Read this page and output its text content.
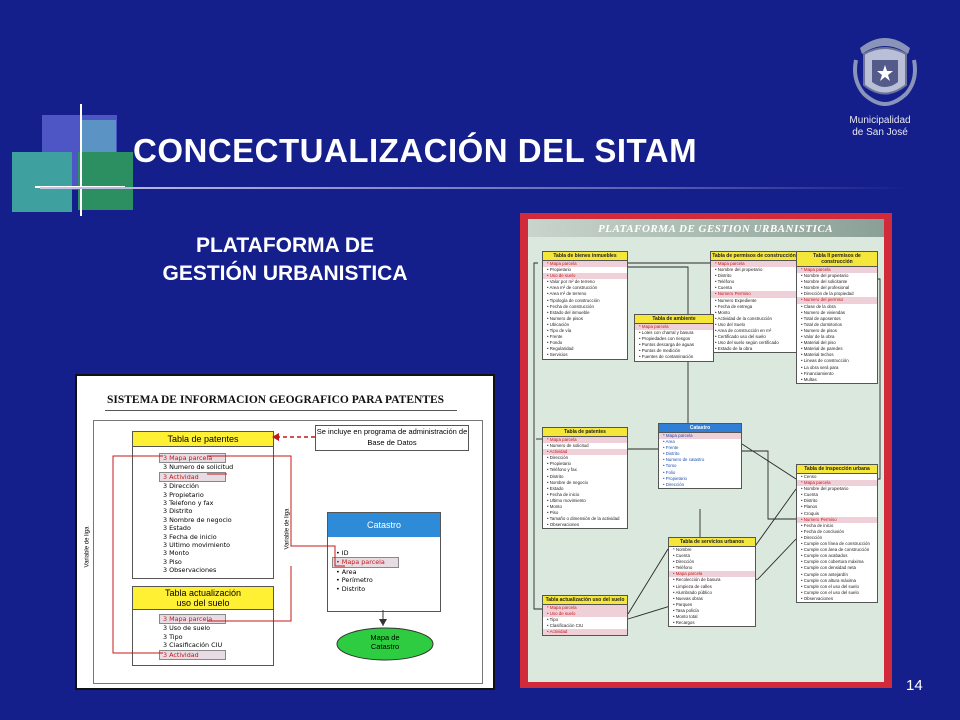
Municipalidad
de San José
CONCECTUALIZACIÓN DEL SITAM
PLATAFORMA DE
GESTIÓN URBANISTICA
SISTEMA DE INFORMACION GEOGRAFICO PARA PATENTES
Tabla de patentes
3 Mapa parcela
3 Numero de solicitud
3 Actividad
3 Dirección
3 Propietario
3 Telefono y fax
3 Distrito
3 Nombre de negocio
3 Estado
3 Fecha de inicio
3 Ultimo movimiento
3 Monto
3 Piso
3 Observaciones
Se incluye en programa de administración de Base de Datos
Tabla actualización
uso del suelo
3 Mapa parcela
3 Uso de suelo
3 Tipo
3 Clasificación CIU
3 Actividad
Catastro
• ID
• Mapa parcela
• Area
• Perímetro
• Distrito
Mapa de
Catastro
Variable de liga	Variable de liga
PLATAFORMA DE GESTION URBANISTICA
Tabla de bienes inmuebles
* Mapa parcela
• Propietario
• Uso de suelo
• Valor por m² de terreno
• Area m² de construcción
• Area m² de terreno
• Tipología de construcción
• Fecha de construcción
• Estado del inmueble
• Numero de pisos
• Ubicación
• Tipo de vía
• Frente
• Fondo
• Regularidad
• Servicios
Tabla de permisos de construcción
* Mapa parcela
• Nombre del propietario
• Distrito
• Teléfono
• Cuenta
• Numero Permiso
• Numero Expediente
• Fecha de entrega
• Monto
• Actividad de la construcción
• Uso del Suelo
• Area de construcción en m²
• Certificado uso del suelo
• Uso del suelo según certificado
• Estado de la obra
Tabla II permisos de construcción
* Mapa parcela
• Nombre del propietario
• Nombre del solicitante
• Nombre del profesional
• Dirección de la propiedad
• Numero del permiso
• Clase de la obra
• Numero de viviendas
• Total de aposentos
• Total de dormitorios
• Numero de pisos
• Valor de la obra
• Material del piso
• Material de paredes
• Material techos
• Lineas de construcción
• La obra será para
• Financiamiento
• Multas
Tabla de ambiente
* Mapa parcela
• Lotes con charral y basura
• Propiedades con riesgos
• Puntos descarga de aguas
• Puntos de medición
• Fuentes de contaminación
Catastro
* Mapa parcela
• Area
• Frente
• Distrito
• Numero de catastro
• Tomo
• Folio
• Propietario
• Dirección
Tabla de patentes
* Mapa parcela
• Numero de solicitud
• Actividad
• Dirección
• Propietario
• Teléfono y fax
• Distrito
• Nombre de negocio
• Estado
• Fecha de inicio
• Ultimo movimiento
• Monto
• Piso
• Tamaño o dimensión de la actividad
• Observaciones
Tabla de inspección urbana
• Censo
* Mapa parcela
• Nombre del propietario
• Cuenta
• Distrito
• Planos
• Croquis
• Numero Permiso
• Fecha de inicio
• Fecha de conclusión
• Dirección
• Cumple con línea de construcción
• Cumple con área de construcción
• Cumple con acabados
• Cumple con cobertura máxima
• Cumple con densidad neta
• Cumple con antejardín
• Cumple con altura máxima
• Cumple con el uso del suelo
• Cumple con el uso del suelo
• Observaciones
Tabla de servicios urbanos
* Nombre
• Cuenta
• Dirección
• Teléfono
• Mapa parcela
• Recolección de basura
• Limpieza de calles
• Alumbrado público
• Nuevas obras
• Parques
• Tasa policía
• Monto total
• Recargos
Tabla actualización uso del suelo
* Mapa parcela
• Uso de suelo
• Tipo
• Clasificación CIU
• Actividad
14
